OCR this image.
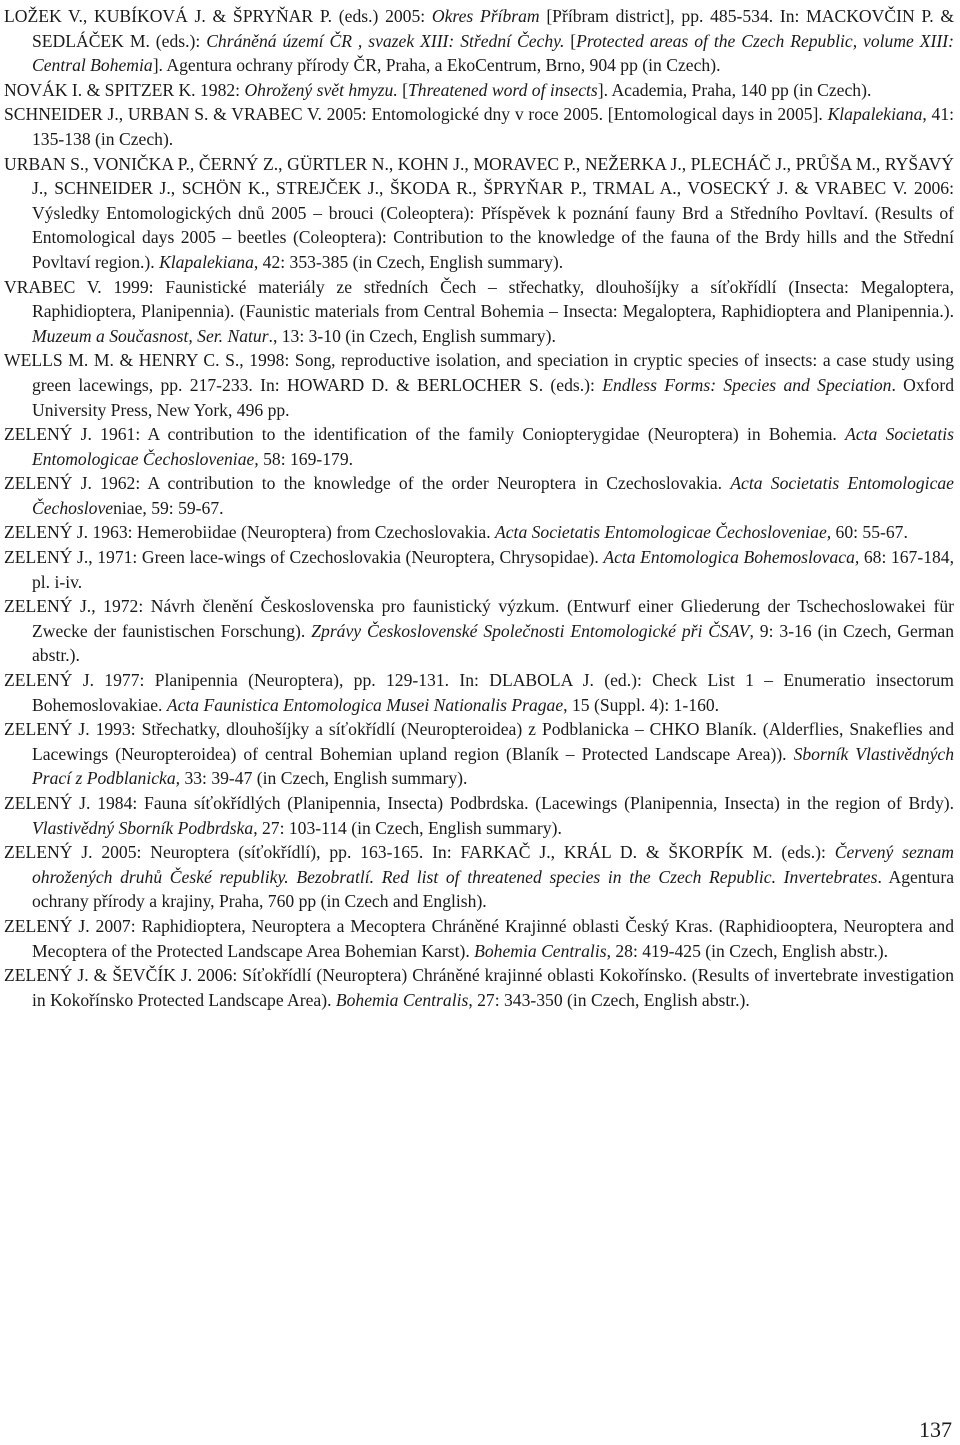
LOŽEK V., KUBÍKOVÁ J. & ŠPRYŇAR P. (eds.) 2005: Okres Příbram [Příbram district], pp. 485-534. In: MACKOVČIN P. & SEDLÁČEK M. (eds.): Chráněná území ČR , svazek XIII: Střední Čechy. [Protected areas of the Czech Republic, volume XIII: Central Bohemia]. Agentura ochrany přírody ČR, Praha, a EkoCentrum, Brno, 904 pp (in Czech).

NOVÁK I. & SPITZER K. 1982: Ohrožený svět hmyzu. [Threatened word of insects]. Academia, Praha, 140 pp (in Czech).

SCHNEIDER J., URBAN S. & VRABEC V. 2005: Entomologické dny v roce 2005. [Entomological days in 2005]. Klapalekiana, 41: 135-138 (in Czech).

URBAN S., VONIČKA P., ČERNÝ Z., GÜRTLER N., KOHN J., MORAVEC P., NEŽERKA J., PLECHÁČ J., PRŮŠA M., RYŠAVÝ J., SCHNEIDER J., SCHÖN K., STREJČEK J., ŠKODA R., ŠPRYŇAR P., TRMAL A., VOSECKÝ J. & VRABEC V. 2006: Výsledky Entomologických dnů 2005 – brouci (Coleoptera): Příspěvek k poznání fauny Brd a Středního Povltaví. (Results of Entomological days 2005 – beetles (Coleoptera): Contribution to the knowledge of the fauna of the Brdy hills and the Střední Povltaví region.). Klapalekiana, 42: 353-385 (in Czech, English summary).

VRABEC V. 1999: Faunistické materiály ze středních Čech – střechatky, dlouhošíjky a síťokřídlí (Insecta: Megaloptera, Raphidioptera, Planipennia). (Faunistic materials from Central Bohemia – Insecta: Megaloptera, Raphidioptera and Planipennia.). Muzeum a Současnost, Ser. Natur., 13: 3-10 (in Czech, English summary).

WELLS M. M. & HENRY C. S., 1998: Song, reproductive isolation, and speciation in cryptic species of insects: a case study using green lacewings, pp. 217-233. In: HOWARD D. & BERLOCHER S. (eds.): Endless Forms: Species and Speciation. Oxford University Press, New York, 496 pp.

ZELENÝ J. 1961: A contribution to the identification of the family Coniopterygidae (Neuroptera) in Bohemia. Acta Societatis Entomologicae Čechosloveniae, 58: 169-179.

ZELENÝ J. 1962: A contribution to the knowledge of the order Neuroptera in Czechoslovakia. Acta Societatis Entomologicae Čechosloveniae, 59: 59-67.

ZELENÝ J. 1963: Hemerobiidae (Neuroptera) from Czechoslovakia. Acta Societatis Entomologicae Čechosloveniae, 60: 55-67.

ZELENÝ J., 1971: Green lace-wings of Czechoslovakia (Neuroptera, Chrysopidae). Acta Entomologica Bohemoslovaca, 68: 167-184, pl. i-iv.

ZELENÝ J., 1972: Návrh členění Československa pro faunistický výzkum. (Entwurf einer Gliederung der Tschechoslowakei für Zwecke der faunistischen Forschung). Zprávy Československé Společnosti Entomologické při ČSAV, 9: 3-16 (in Czech, German abstr.).

ZELENÝ J. 1977: Planipennia (Neuroptera), pp. 129-131. In: DLABOLA J. (ed.): Check List 1 – Enumeratio insectorum Bohemoslovakiae. Acta Faunistica Entomologica Musei Nationalis Pragae, 15 (Suppl. 4): 1-160.

ZELENÝ J. 1993: Střechatky, dlouhošíjky a síťokřídlí (Neuropteroidea) z Podblanicka – CHKO Blaník. (Alderflies, Snakeflies and Lacewings (Neuropteroidea) of central Bohemian upland region (Blaník – Protected Landscape Area)). Sborník Vlastivědných Prací z Podblanicka, 33: 39-47 (in Czech, English summary).

ZELENÝ J. 1984: Fauna síťokřídlých (Planipennia, Insecta) Podbrdska. (Lacewings (Planipennia, Insecta) in the region of Brdy). Vlastivědný Sborník Podbrdska, 27: 103-114 (in Czech, English summary).

ZELENÝ J. 2005: Neuroptera (síťokřídlí), pp. 163-165. In: FARKAČ J., KRÁL D. & ŠKORPÍK M. (eds.): Červený seznam ohrožených druhů České republiky. Bezobratlí. Red list of threatened species in the Czech Republic. Invertebrates. Agentura ochrany přírody a krajiny, Praha, 760 pp (in Czech and English).

ZELENÝ J. 2007: Raphidioptera, Neuroptera a Mecoptera Chráněné Krajinné oblasti Český Kras. (Raphidiooptera, Neuroptera and Mecoptera of the Protected Landscape Area Bohemian Karst). Bohemia Centralis, 28: 419-425 (in Czech, English abstr.).

ZELENÝ J. & ŠEVČÍK J. 2006: Síťokřídlí (Neuroptera) Chráněné krajinné oblasti Kokořínsko. (Results of invertebrate investigation in Kokořínsko Protected Landscape Area). Bohemia Centralis, 27: 343-350 (in Czech, English abstr.).

137
